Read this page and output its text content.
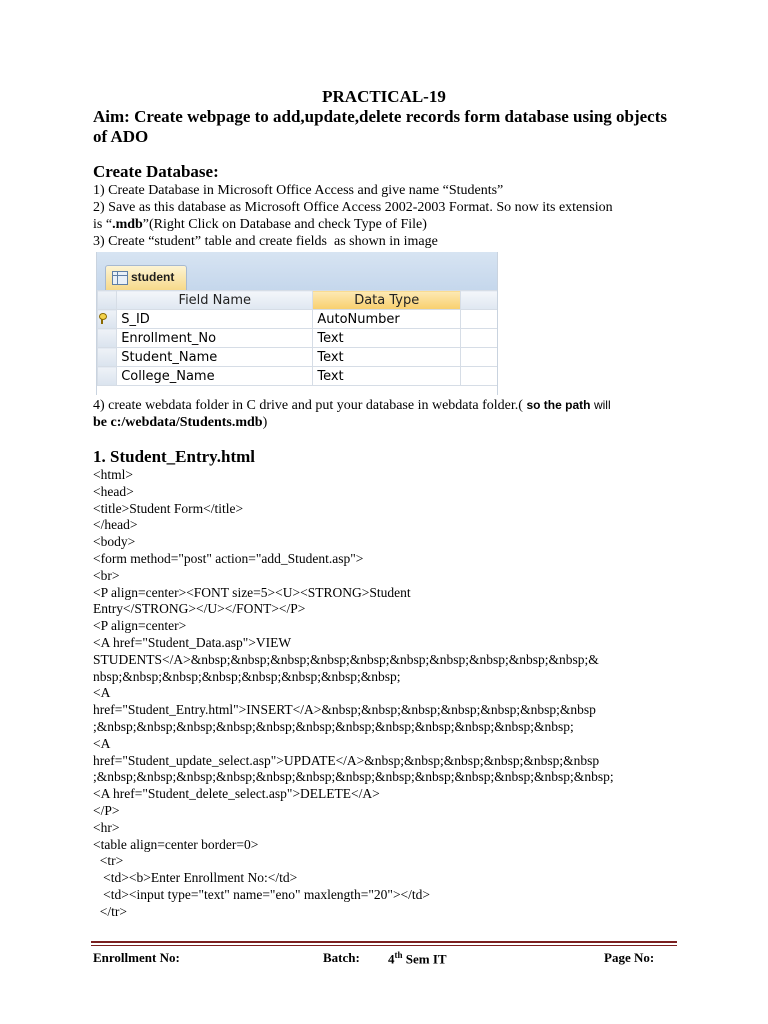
PRACTICAL-19
Aim: Create webpage to add,update,delete records form database using objects of ADO
Create Database:
1) Create Database in Microsoft Office Access and give name “Students”
2) Save as this database as Microsoft Office Access 2002-2003 Format. So now its extension
is “.mdb”(Right Click on Database and check Type of File)
3) Create “student” table and create fields  as shown in image
student
	Field Name	Data Type	
	S_ID	AutoNumber	
	Enrollment_No	Text	
	Student_Name	Text	
	College_Name	Text	
4) create webdata folder in C drive and put your database in webdata folder.( so the path will
be c:/webdata/Students.mdb)
1. Student_Entry.html
<html>
<head>
<title>Student Form</title>
</head>
<body>
<form method="post" action="add_Student.asp">
<br>
<P align=center><FONT size=5><U><STRONG>Student
Entry</STRONG></U></FONT></P>
<P align=center>
<A href="Student_Data.asp">VIEW
STUDENTS</A>&nbsp;&nbsp;&nbsp;&nbsp;&nbsp;&nbsp;&nbsp;&nbsp;&nbsp;&nbsp;&
nbsp;&nbsp;&nbsp;&nbsp;&nbsp;&nbsp;&nbsp;&nbsp;
<A
href="Student_Entry.html">INSERT</A>&nbsp;&nbsp;&nbsp;&nbsp;&nbsp;&nbsp;&nbsp
;&nbsp;&nbsp;&nbsp;&nbsp;&nbsp;&nbsp;&nbsp;&nbsp;&nbsp;&nbsp;&nbsp;&nbsp;
<A
href="Student_update_select.asp">UPDATE</A>&nbsp;&nbsp;&nbsp;&nbsp;&nbsp;&nbsp
;&nbsp;&nbsp;&nbsp;&nbsp;&nbsp;&nbsp;&nbsp;&nbsp;&nbsp;&nbsp;&nbsp;&nbsp;&nbsp;
<A href="Student_delete_select.asp">DELETE</A>
</P>
<hr>
<table align=center border=0>
<tr>
<td><b>Enter Enrollment No:</td>
<td><input type="text" name="eno" maxlength="20"></td>
</tr>
Enrollment No:	Batch: 4th Sem IT	Page No:
